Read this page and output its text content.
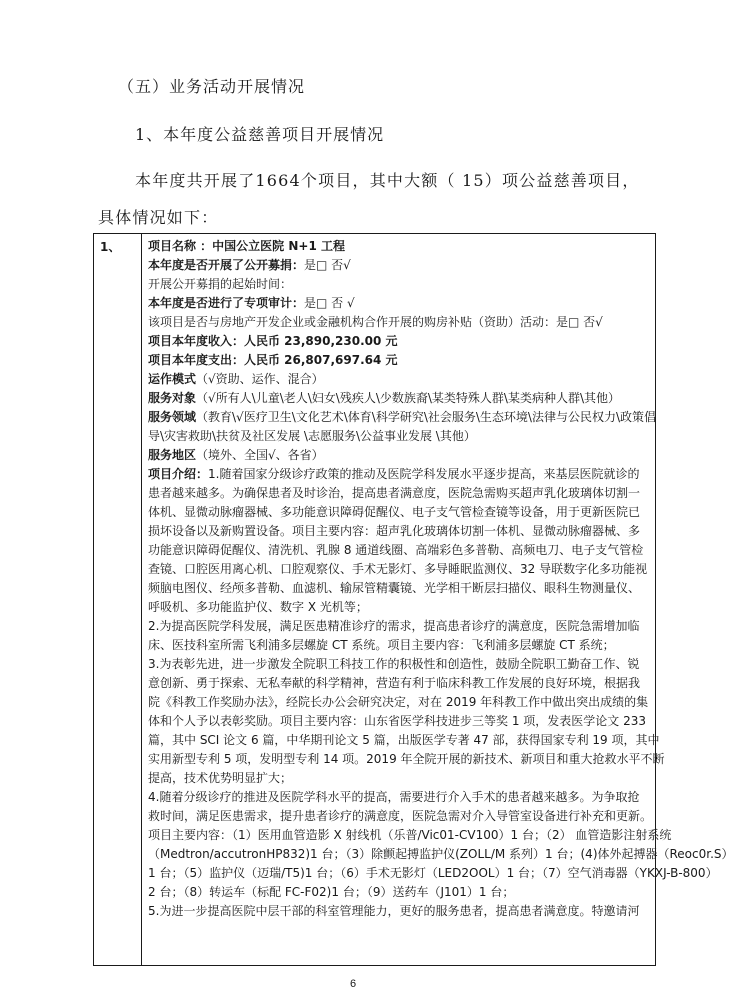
（五）业务活动开展情况
1、本年度公益慈善项目开展情况
本年度共开展了1664个项目，其中大额（ 15）项公益慈善项目，
具体情况如下：
1、 项目名称 ：中国公立医院 N+1 工程
本年度是否开展了公开募捐：是□ 否√
开展公开募捐的起始时间：
本年度是否进行了专项审计：是□ 否 √
该项目是否与房地产开发企业或金融机构合作开展的购房补贴（资助）活动：是□ 否√
项目本年度收入：人民币 23,890,230.00 元
项目本年度支出：人民币 26,807,697.64 元
运作模式（√资助、运作、混合）
服务对象（√所有人\儿童\老人\妇女\残疾人\少数族裔\某类特殊人群\某类病种人群\其他）
服务领域（教育\√医疗卫生\文化艺术\体育\科学研究\社会服务\生态环境\法律与公民权力\政策倡
导\灾害救助\扶贫及社区发展 \志愿服务\公益事业发展 \其他）
服务地区（境外、全国√、各省）
项目介绍：1.随着国家分级诊疗政策的推动及医院学科发展水平逐步提高，来基层医院就诊的
患者越来越多。为确保患者及时诊治，提高患者满意度，医院急需购买超声乳化玻璃体切割一
体机、显微动脉瘤器械、多功能意识障碍促醒仪、电子支气管检查镜等设备，用于更新医院已
损坏设备以及新购置设备。项目主要内容：超声乳化玻璃体切割一体机、显微动脉瘤器械、多
功能意识障碍促醒仪、清洗机、乳腺 8 通道线圈、高端彩色多普勒、高频电刀、电子支气管检
查镜、口腔医用离心机、口腔观察仪、手术无影灯、多导睡眠监测仪、32 导联数字化多功能视
频脑电图仪、经颅多普勒、血滤机、输尿管精囊镜、光学相干断层扫描仪、眼科生物测量仪、
呼吸机、多功能监护仪、数字 X 光机等；
2.为提高医院学科发展，满足医患精准诊疗的需求，提高患者诊疗的满意度，医院急需增加临
床、医技科室所需飞利浦多层螺旋 CT 系统。项目主要内容：飞利浦多层螺旋 CT 系统；
3.为表彰先进，进一步激发全院职工科技工作的积极性和创造性，鼓励全院职工勤奋工作、锐
意创新、勇于探索、无私奉献的科学精神，营造有利于临床科教工作发展的良好环境，根据我
院《科教工作奖励办法》，经院长办公会研究决定，对在 2019 年科教工作中做出突出成绩的集
体和个人予以表彰奖励。项目主要内容：山东省医学科技进步三等奖 1 项，发表医学论文 233
篇，其中 SCI 论文 6 篇，中华期刊论文 5 篇，出版医学专著 47 部，获得国家专利 19 项，其中
实用新型专利 5 项，发明型专利 14 项。2019 年全院开展的新技术、新项目和重大抢救水平不断
提高，技术优势明显扩大；
4.随着分级诊疗的推进及医院学科水平的提高，需要进行介入手术的患者越来越多。为争取抢
救时间，满足医患需求，提升患者诊疗的满意度，医院急需对介入导管室设备进行补充和更新。
项目主要内容：（1）医用血管造影 X 射线机（乐普/Vic01-CV100）1 台；（2） 血管造影注射系统
（Medtron/accutronHP832)1 台；（3）除颤起搏监护仪(ZOLL/M 系列）1 台；(4)体外起搏器（Reoc0r.S）
1 台；（5）监护仪（迈瑞/T5)1 台；（6）手术无影灯（LED2OOL）1 台；（7）空气消毒器（YKXJ-B-800）
2 台；（8）转运车（标配 FC-F02)1 台；（9）送药车（J101）1 台；
5.为进一步提高医院中层干部的科室管理能力，更好的服务患者，提高患者满意度。特邀请河
6
